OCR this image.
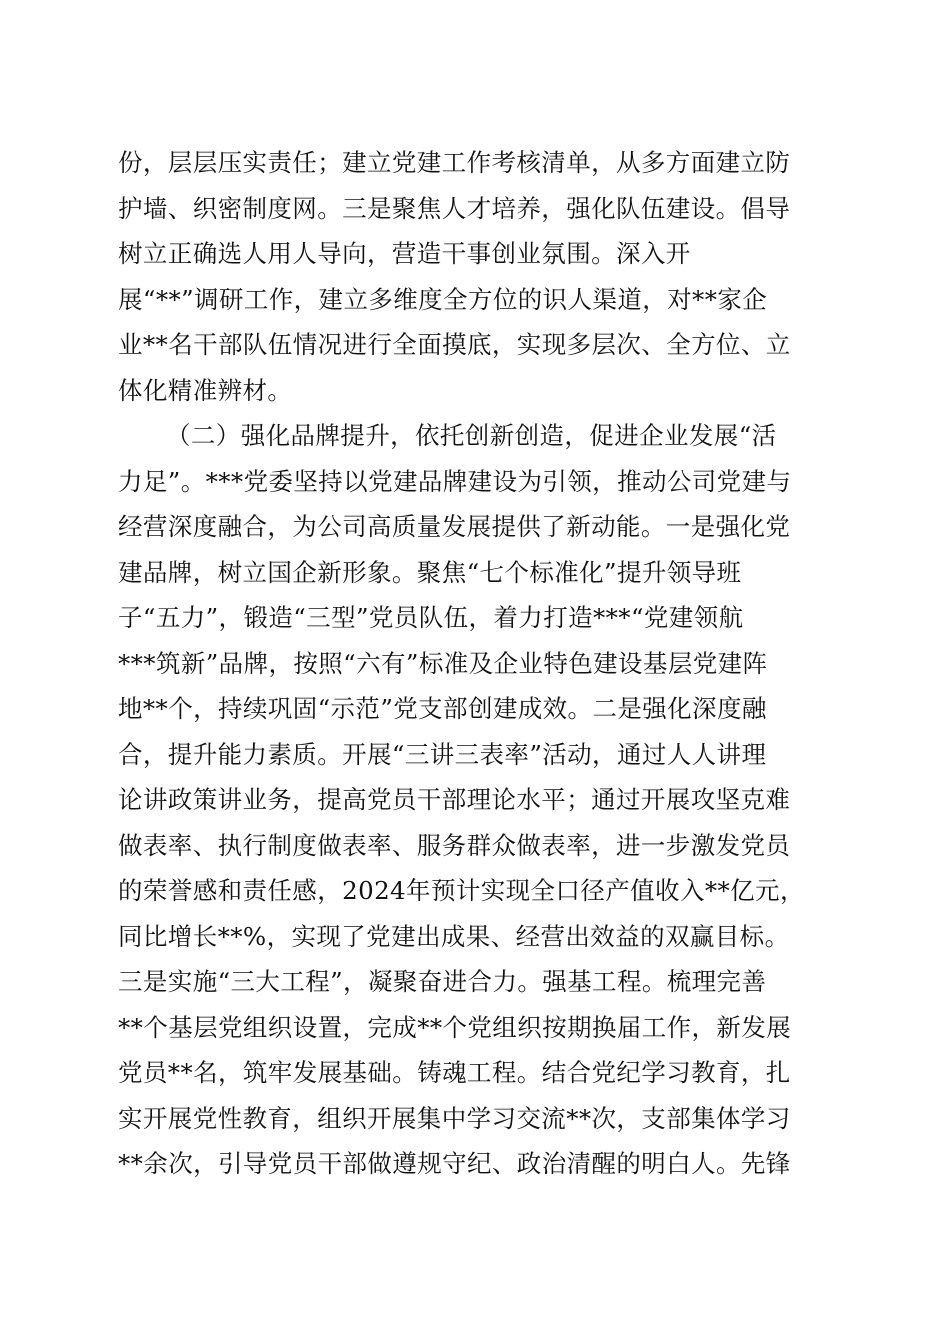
份，层层压实责任；建立党建工作考核清单，从多方面建立防
护墙、织密制度网。三是聚焦人才培养，强化队伍建设。倡导
树立正确选人用人导向，营造干事创业氛围。深入开
展“**”调研工作，建立多维度全方位的识人渠道，对**家企
业**名干部队伍情况进行全面摸底，实现多层次、全方位、立
体化精准辨材。
（二）强化品牌提升，依托创新创造，促进企业发展“活
力足”。***党委坚持以党建品牌建设为引领，推动公司党建与
经营深度融合，为公司高质量发展提供了新动能。一是强化党
建品牌，树立国企新形象。聚焦“七个标准化”提升领导班
子“五力”，锻造“三型”党员队伍，着力打造***“党建领航
***筑新”品牌，按照“六有”标准及企业特色建设基层党建阵
地**个，持续巩固“示范”党支部创建成效。二是强化深度融
合，提升能力素质。开展“三讲三表率”活动，通过人人讲理
论讲政策讲业务，提高党员干部理论水平；通过开展攻坚克难
做表率、执行制度做表率、服务群众做表率，进一步激发党员
的荣誉感和责任感，2024年预计实现全口径产值收入**亿元，
同比增长**%，实现了党建出成果、经营出效益的双赢目标。
三是实施“三大工程”，凝聚奋进合力。强基工程。梳理完善
**个基层党组织设置，完成**个党组织按期换届工作，新发展
党员**名，筑牢发展基础。铸魂工程。结合党纪学习教育，扎
实开展党性教育，组织开展集中学习交流**次，支部集体学习
**余次，引导党员干部做遵规守纪、政治清醒的明白人。先锋
